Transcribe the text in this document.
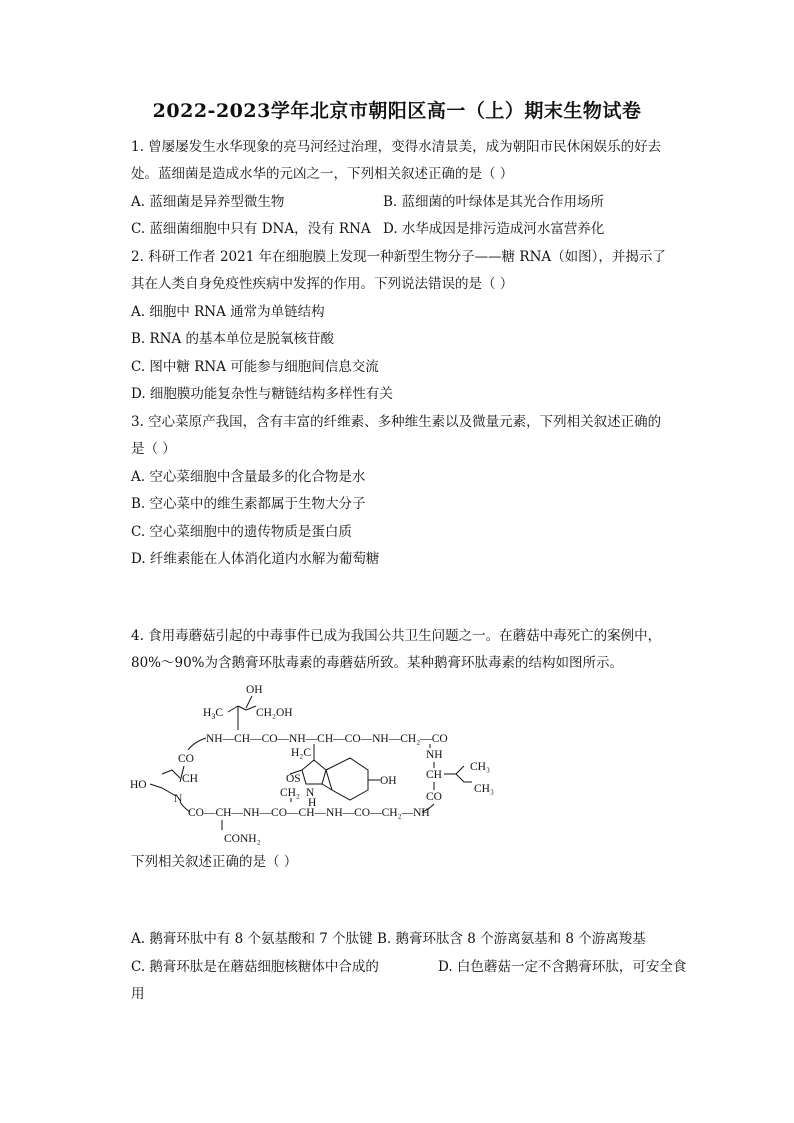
2022-2023学年北京市朝阳区高一（上）期末生物试卷
1. 曾屡屡发生水华现象的亮马河经过治理，变得水清景美，成为朝阳市民休闲娱乐的好去
处。蓝细菌是造成水华的元凶之一，下列相关叙述正确的是（ ）
A. 蓝细菌是异养型微生物	B. 蓝细菌的叶绿体是其光合作用场所
C. 蓝细菌细胞中只有 DNA，没有 RNA D. 水华成因是排污造成河水富营养化
2. 科研工作者 2021 年在细胞膜上发现一种新型生物分子——糖 RNA（如图），并揭示了
其在人类自身免疫性疾病中发挥的作用。下列说法错误的是（ ）
A. 细胞中 RNA 通常为单链结构
B. RNA 的基本单位是脱氧核苷酸
C. 图中糖 RNA 可能参与细胞间信息交流
D. 细胞膜功能复杂性与糖链结构多样性有关
3. 空心菜原产我国，含有丰富的纤维素、多种维生素以及微量元素，下列相关叙述正确的
是（ ）
A. 空心菜细胞中含量最多的化合物是水
B. 空心菜中的维生素都属于生物大分子
C. 空心菜细胞中的遗传物质是蛋白质
D. 纤维素能在人体消化道内水解为葡萄糖
4. 食用毒蘑菇引起的中毒事件已成为我国公共卫生问题之一。在蘑菇中毒死亡的案例中，
80%～90%为含鹅膏环肽毒素的毒蘑菇所致。某种鹅膏环肽毒素的结构如图所示。
OH
$H_3C$	CH₂OH
NH—CH—CO—NH—CH—CO—NH—CH₂—CO
CO
CH
HO
N
H₂C
OS
N
H
CH₂
OH
NH
CH
CH₃
CH₃
CO
CO—CH—NH—CO—CH—NH—CO—CH₂—NH
CONH₂
下列相关叙述正确的是（ ）
A. 鹅膏环肽中有 8 个氨基酸和 7 个肽键 B. 鹅膏环肽含 8 个游离氨基和 8 个游离羧基
C. 鹅膏环肽是在蘑菇细胞核糖体中合成的	D. 白色蘑菇一定不含鹅膏环肽，可安全食
用
